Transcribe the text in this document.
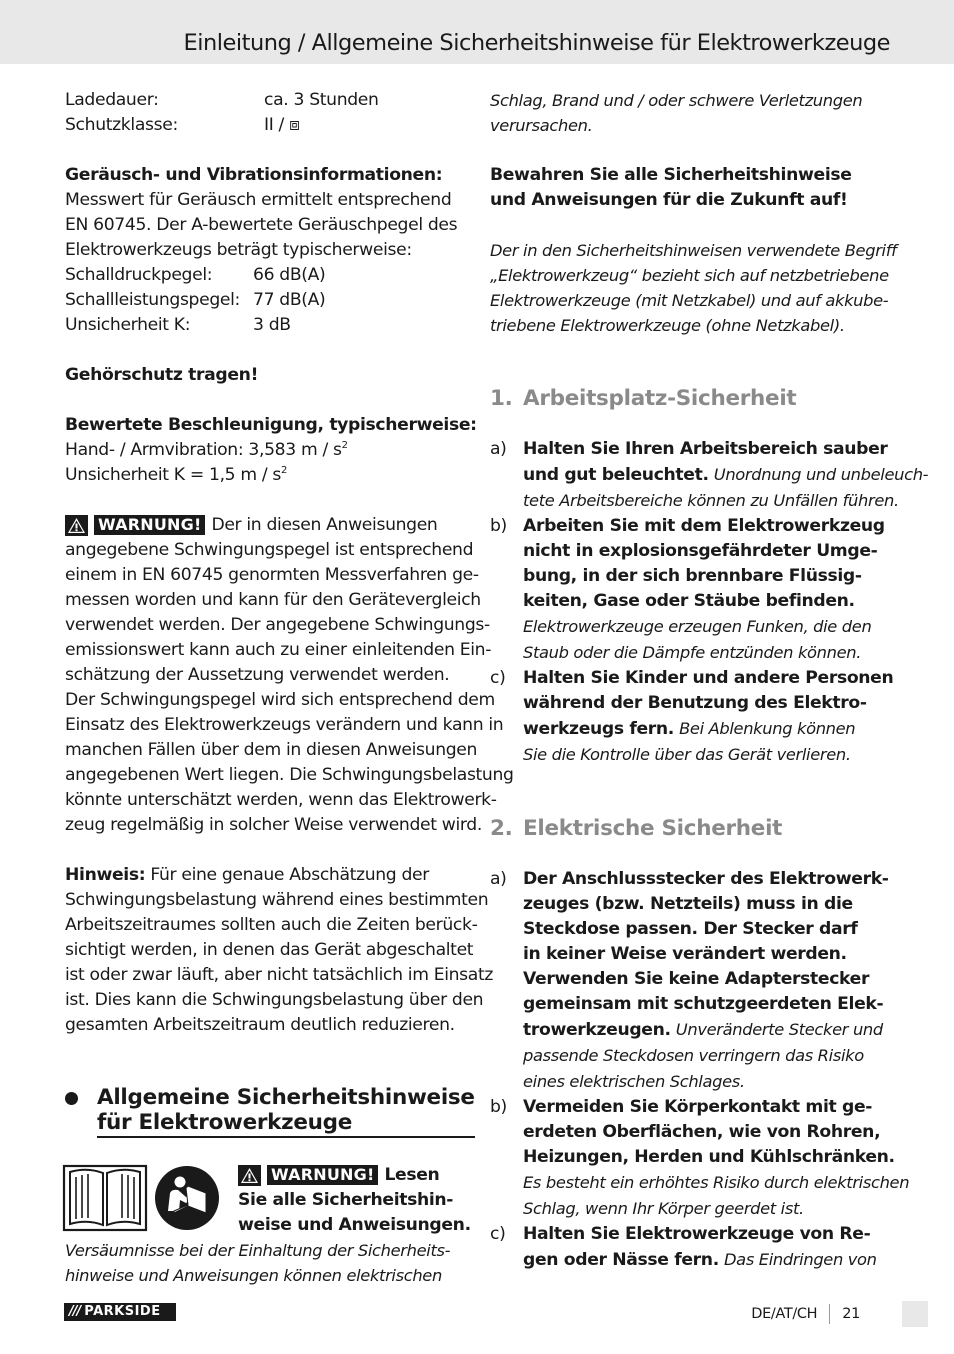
Einleitung / Allgemeine Sicherheitshinweise für Elektrowerkzeuge
Ladedauer:	ca. 3 Stunden
Schutzklasse:	II / ⧈
Geräusch- und Vibrationsinformationen:
Messwert für Geräusch ermittelt entsprechend
EN 60745. Der A-bewertete Geräuschpegel des
Elektrowerkzeugs beträgt typischerweise:
Schalldruckpegel:	66 dB(A)
Schallleistungspegel: 77 dB(A)
Unsicherheit K:	3 dB
Gehörschutz tragen!
Bewertete Beschleunigung, typischerweise:
Hand- / Armvibration: 3,583 m / $s^2$
Unsicherheit K = 1,5 m / $s^2$
WARNUNG! Der in diesen Anweisungen
angegebene Schwingungspegel ist entsprechend
einem in EN 60745 genormten Messverfahren ge-
messen worden und kann für den Gerätevergleich
verwendet werden. Der angegebene Schwingungs-
emissionswert kann auch zu einer einleitenden Ein-
schätzung der Aussetzung verwendet werden.
Der Schwingungspegel wird sich entsprechend dem
Einsatz des Elektrowerkzeugs verändern und kann in
manchen Fällen über dem in diesen Anweisungen
angegebenen Wert liegen. Die Schwingungsbelastung
könnte unterschätzt werden, wenn das Elektrowerk-
zeug regelmäßig in solcher Weise verwendet wird.
Hinweis: Für eine genaue Abschätzung der
Schwingungsbelastung während eines bestimmten
Arbeitszeitraumes sollten auch die Zeiten berück-
sichtigt werden, in denen das Gerät abgeschaltet
ist oder zwar läuft, aber nicht tatsächlich im Einsatz
ist. Dies kann die Schwingungsbelastung über den
gesamten Arbeitszeitraum deutlich reduzieren.
Allgemeine Sicherheitshinweise
für Elektrowerkzeuge
WARNUNG! Lesen
Sie alle Sicherheitshin-
weise und Anweisungen.
Versäumnisse bei der Einhaltung der Sicherheits-
hinweise und Anweisungen können elektrischen
Schlag, Brand und / oder schwere Verletzungen
verursachen.
Bewahren Sie alle Sicherheitshinweise
und Anweisungen für die Zukunft auf!
Der in den Sicherheitshinweisen verwendete Begriff
„Elektrowerkzeug“ bezieht sich auf netzbetriebene
Elektrowerkzeuge (mit Netzkabel) und auf akkube-
triebene Elektrowerkzeuge (ohne Netzkabel).
1. Arbeitsplatz-Sicherheit
a) Halten Sie Ihren Arbeitsbereich sauber
und gut beleuchtet. Unordnung und unbeleuch-
tete Arbeitsbereiche können zu Unfällen führen.
b) Arbeiten Sie mit dem Elektrowerkzeug
nicht in explosionsgefährdeter Umge-
bung, in der sich brennbare Flüssig-
keiten, Gase oder Stäube befinden.
Elektrowerkzeuge erzeugen Funken, die den
Staub oder die Dämpfe entzünden können.
c)	Halten Sie Kinder und andere Personen
während der Benutzung des Elektro-
werkzeugs fern. Bei Ablenkung können
Sie die Kontrolle über das Gerät verlieren.
2. Elektrische Sicherheit
a) Der Anschlussstecker des Elektrowerk-
zeuges (bzw. Netzteils) muss in die
Steckdose passen. Der Stecker darf
in keiner Weise verändert werden.
Verwenden Sie keine Adapterstecker
gemeinsam mit schutzgeerdeten Elek-
trowerkzeugen. Unveränderte Stecker und
passende Steckdosen verringern das Risiko
eines elektrischen Schlages.
b) Vermeiden Sie Körperkontakt mit ge-
erdeten Oberflächen, wie von Rohren,
Heizungen, Herden und Kühlschränken.
Es besteht ein erhöhtes Risiko durch elektrischen
Schlag, wenn Ihr Körper geerdet ist.
c)	Halten Sie Elektrowerkzeuge von Re-
gen oder Nässe fern. Das Eindringen von
/// PARKSIDE	DE/AT/CH 21
